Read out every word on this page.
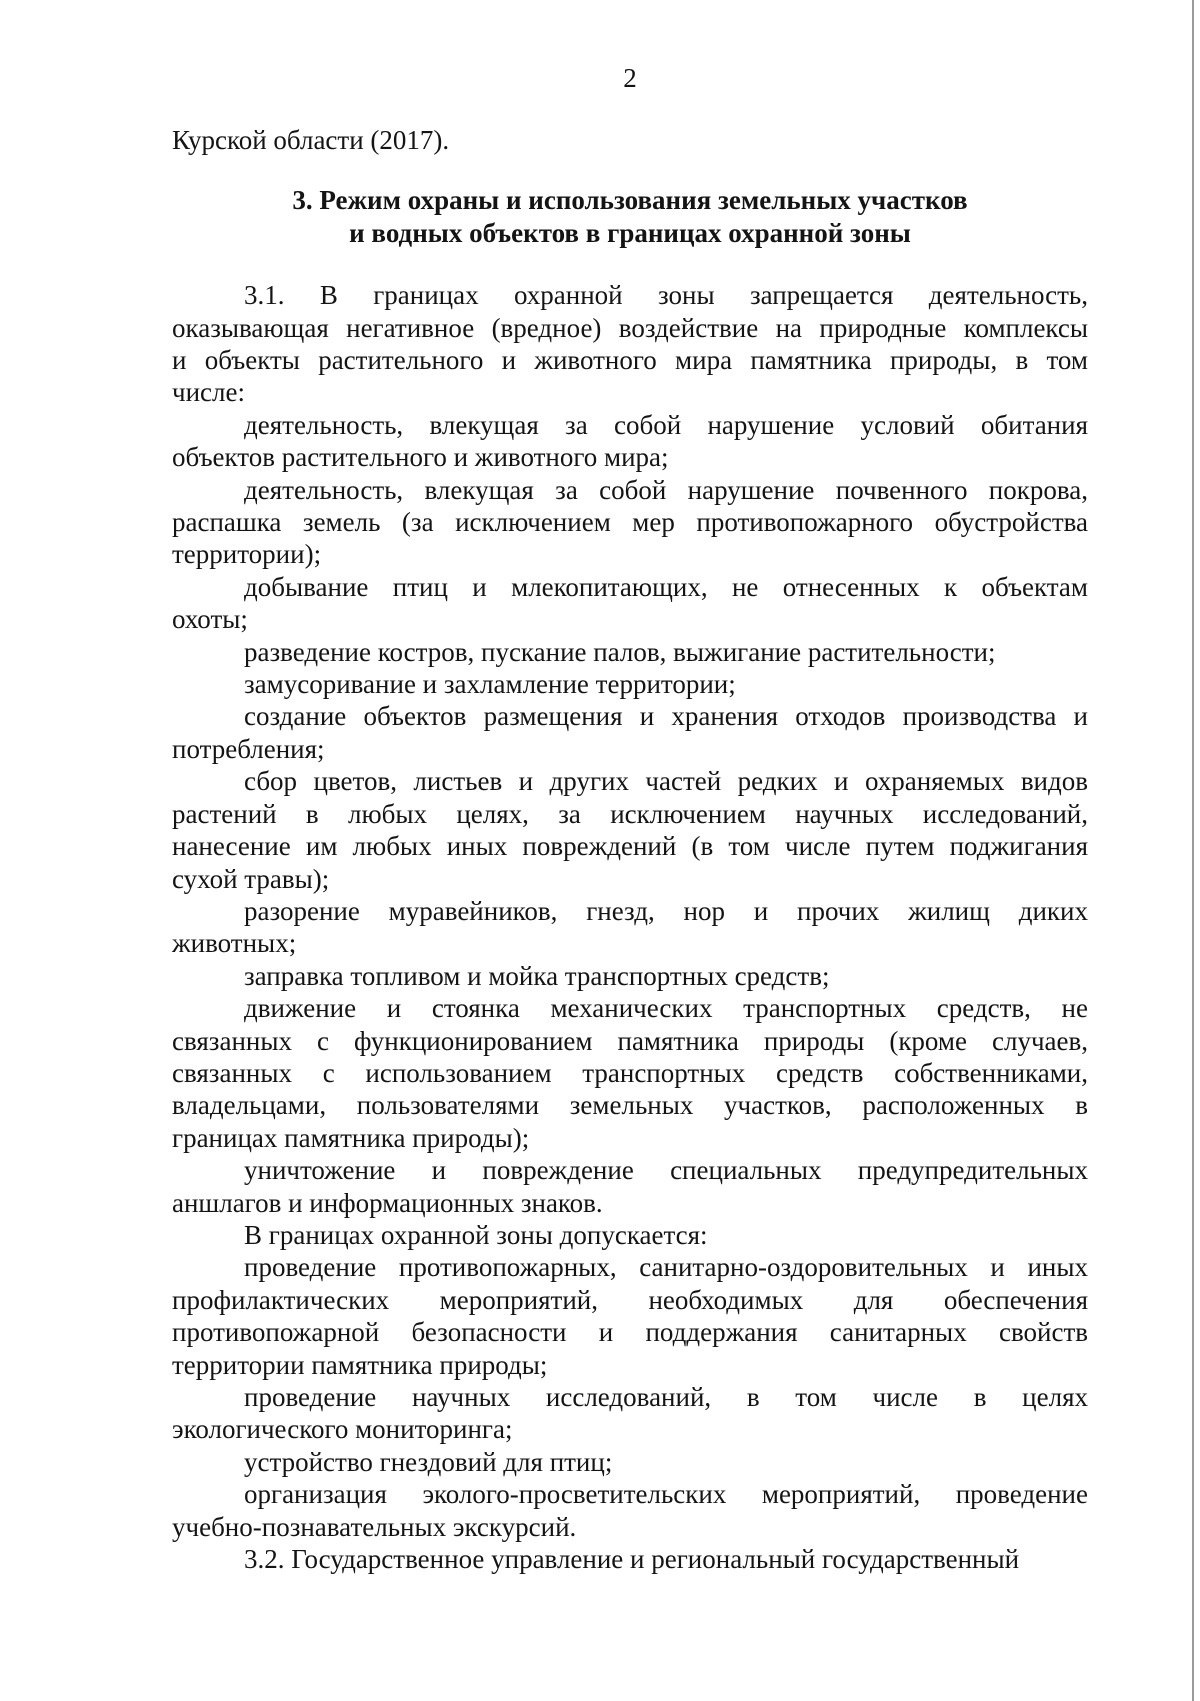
2

Курской области (2017).

3. Режим охраны и использования земельных участков
и водных объектов в границах охранной зоны

3.1. В границах охранной зоны запрещается деятельность,
оказывающая негативное (вредное) воздействие на природные комплексы
и объекты растительного и животного мира памятника природы, в том
числе:

деятельность, влекущая за собой нарушение условий обитания
объектов растительного и животного мира;

деятельность, влекущая за собой нарушение почвенного покрова,
распашка земель (за исключением мер противопожарного обустройства
территории);

добывание птиц и млекопитающих, не отнесенных к объектам
охоты;

разведение костров, пускание палов, выжигание растительности;

замусоривание и захламление территории;

создание объектов размещения и хранения отходов производства и
потребления;

сбор цветов, листьев и других частей редких и охраняемых видов
растений в любых целях, за исключением научных исследований,
нанесение им любых иных повреждений (в том числе путем поджигания
сухой травы);

разорение муравейников, гнезд, нор и прочих жилищ диких
животных;

заправка топливом и мойка транспортных средств;

движение и стоянка механических транспортных средств, не
связанных с функционированием памятника природы (кроме случаев,
связанных с использованием транспортных средств собственниками,
владельцами, пользователями земельных участков, расположенных в
границах памятника природы);

уничтожение и повреждение специальных предупредительных
аншлагов и информационных знаков.

В границах охранной зоны допускается:

проведение противопожарных, санитарно-оздоровительных и иных
профилактических мероприятий, необходимых для обеспечения
противопожарной безопасности и поддержания санитарных свойств
территории памятника природы;

проведение научных исследований, в том числе в целях
экологического мониторинга;

устройство гнездовий для птиц;

организация эколого-просветительских мероприятий, проведение
учебно-познавательных экскурсий.

3.2. Государственное управление и региональный государственный
